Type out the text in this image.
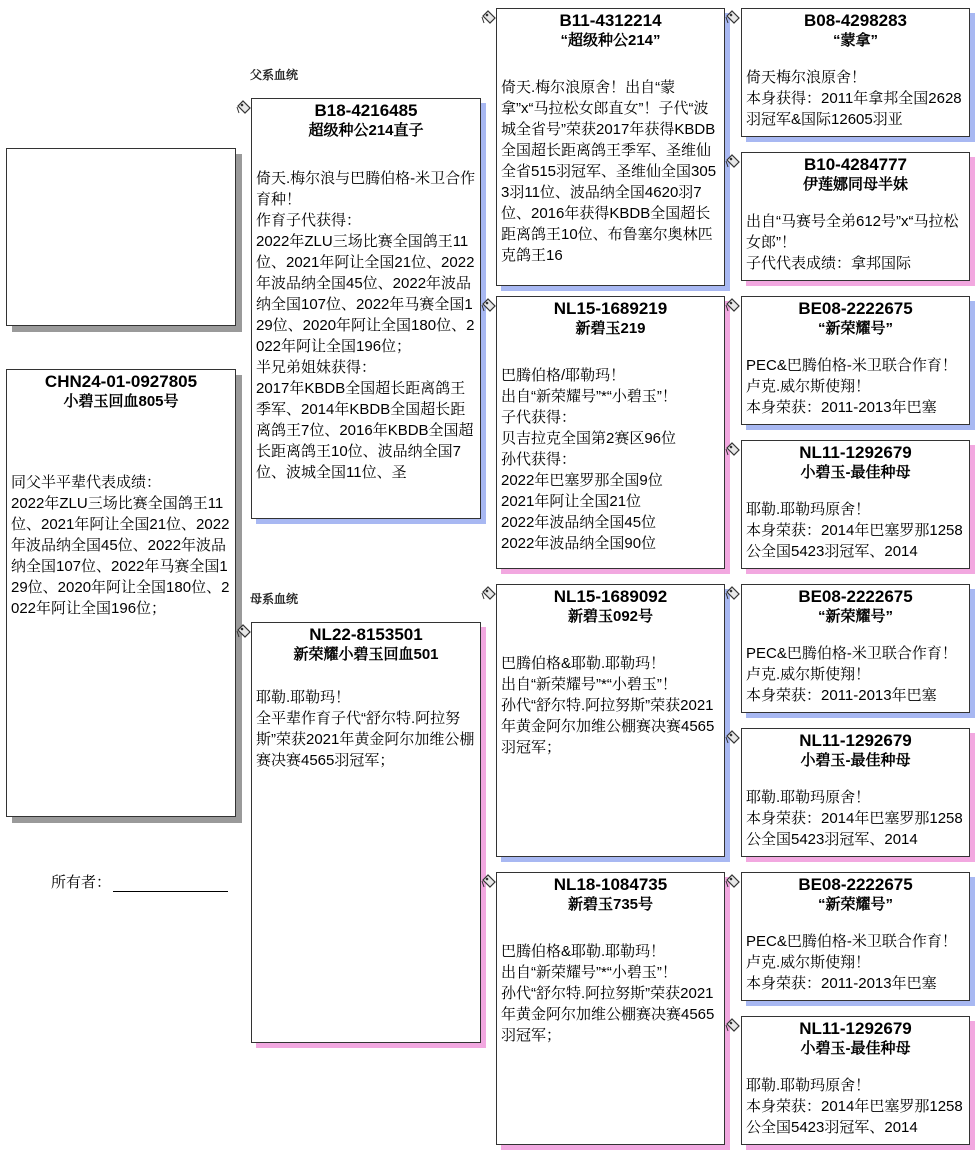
父系血统
母系血统
CHN24-01-0927805
小碧玉回血805号
同父半平辈代表成绩：
2022年ZLU三场比赛全国鸽王11位、2021年阿让全国21位、2022年波品纳全国45位、2022年波品纳全国107位、2022年马赛全国129位、2020年阿让全国180位、2022年阿让全国196位；
所有者：
B18-4216485
超级种公214直子
倚天.梅尔浪与巴腾伯格-米卫合作育种！
作育子代获得：
2022年ZLU三场比赛全国鸽王11位、2021年阿让全国21位、2022年波品纳全国45位、2022年波品纳全国107位、2022年马赛全国129位、2020年阿让全国180位、2022年阿让全国196位；
半兄弟姐妹获得：
2017年KBDB全国超长距离鸽王季军、2014年KBDB全国超长距离鸽王7位、2016年KBDB全国超长距离鸽王10位、波品纳全国7位、波城全国11位、圣
NL22-8153501
新荣耀小碧玉回血501
耶勒.耶勒玛！
全平辈作育子代“舒尔特.阿拉努斯”荣获2021年黄金阿尔加维公棚赛决赛4565羽冠军；
B11-4312214
“超级种公214”
倚天.梅尔浪原舍！出自“蒙拿”x“马拉松女郎直女”！子代“波城全省号”荣获2017年获得KBDB全国超长距离鸽王季军、圣维仙全省515羽冠军、圣维仙全国3053羽11位、波品纳全国4620羽7位、2016年获得KBDB全国超长距离鸽王10位、布鲁塞尔奥林匹克鸽王16
NL15-1689219
新碧玉219
巴腾伯格/耶勒玛！
出自“新荣耀号”*“小碧玉”！
子代获得：
贝吉拉克全国第2赛区96位
孙代获得：
2022年巴塞罗那全国9位
2021年阿让全国21位
2022年波品纳全国45位
2022年波品纳全国90位
NL15-1689092
新碧玉092号
巴腾伯格&耶勒.耶勒玛！
出自“新荣耀号”*“小碧玉”！
孙代“舒尔特.阿拉努斯”荣获2021年黄金阿尔加维公棚赛决赛4565羽冠军；
NL18-1084735
新碧玉735号
巴腾伯格&耶勒.耶勒玛！
出自“新荣耀号”*“小碧玉”！
孙代“舒尔特.阿拉努斯”荣获2021年黄金阿尔加维公棚赛决赛4565羽冠军；
B08-4298283
“蒙拿”
倚天梅尔浪原舍！
本身获得：2011年拿邦全国2628羽冠军&国际12605羽亚
B10-4284777
伊莲娜同母半妹
出自“马赛号全弟612号”x“马拉松女郎”！
子代代表成绩：拿邦国际
BE08-2222675
“新荣耀号”
PEC&巴腾伯格-米卫联合作育！卢克.威尔斯使翔！
本身荣获：2011-2013年巴塞
NL11-1292679
小碧玉-最佳种母
耶勒.耶勒玛原舍！
本身荣获：2014年巴塞罗那1258公全国5423羽冠军、2014
BE08-2222675
“新荣耀号”
PEC&巴腾伯格-米卫联合作育！卢克.威尔斯使翔！
本身荣获：2011-2013年巴塞
NL11-1292679
小碧玉-最佳种母
耶勒.耶勒玛原舍！
本身荣获：2014年巴塞罗那1258公全国5423羽冠军、2014
BE08-2222675
“新荣耀号”
PEC&巴腾伯格-米卫联合作育！卢克.威尔斯使翔！
本身荣获：2011-2013年巴塞
NL11-1292679
小碧玉-最佳种母
耶勒.耶勒玛原舍！
本身荣获：2014年巴塞罗那1258公全国5423羽冠军、2014
